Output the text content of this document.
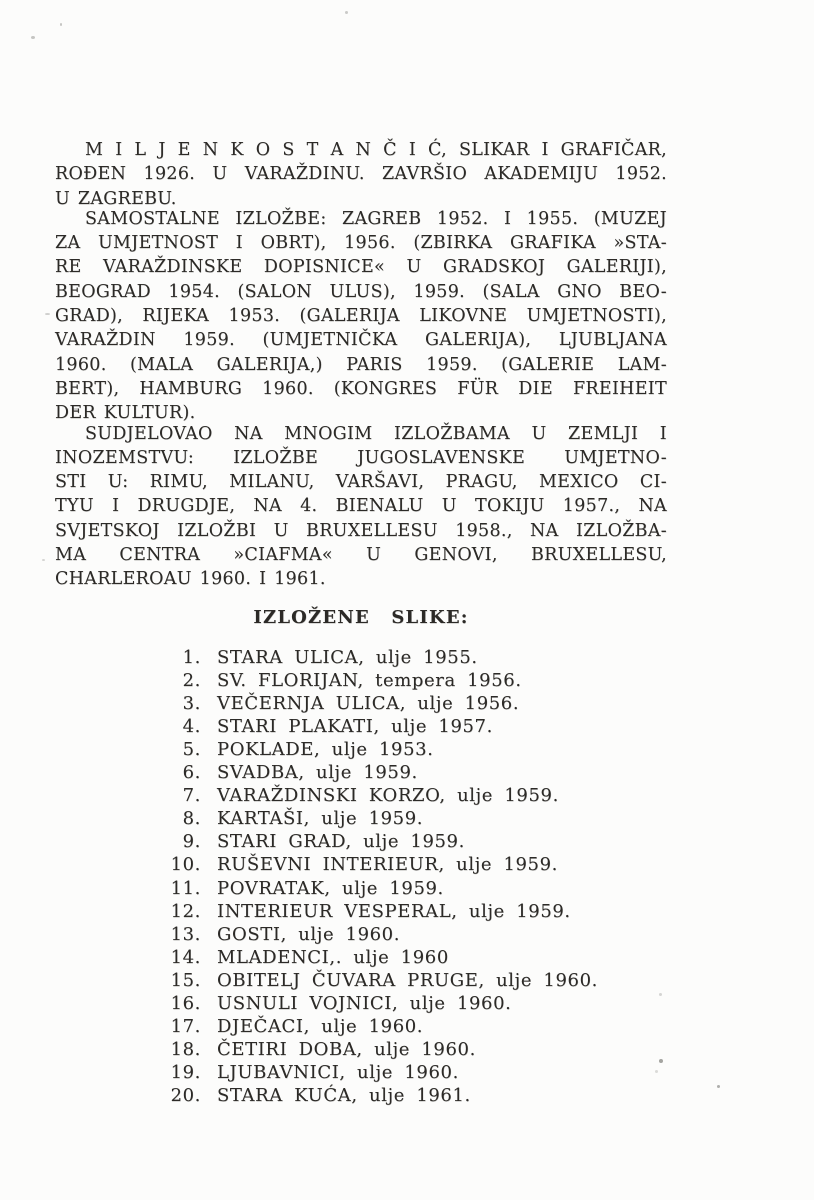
M I L J E N K O S T A N Č I Ć, SLIKAR I GRAFIČAR,
ROĐEN 1926. U VARAŽDINU. ZAVRŠIO AKADEMIJU 1952.
U ZAGREBU.
SAMOSTALNE IZLOŽBE: ZAGREB 1952. I 1955. (MUZEJ
ZA UMJETNOST I OBRT), 1956. (ZBIRKA GRAFIKA »STA-
RE VARAŽDINSKE DOPISNICE« U GRADSKOJ GALERIJI),
BEOGRAD 1954. (SALON ULUS), 1959. (SALA GNO BEO-
GRAD), RIJEKA 1953. (GALERIJA LIKOVNE UMJETNOSTI),
VARAŽDIN 1959. (UMJETNIČKA GALERIJA), LJUBLJANA
1960. (MALA GALERIJA,) PARIS 1959. (GALERIE LAM-
BERT), HAMBURG 1960. (KONGRES FÜR DIE FREIHEIT
DER KULTUR).
SUDJELOVAO NA MNOGIM IZLOŽBAMA U ZEMLJI I
INOZEMSTVU: IZLOŽBE JUGOSLAVENSKE UMJETNO-
STI U: RIMU, MILANU, VARŠAVI, PRAGU, MEXICO CI-
TYU I DRUGDJE, NA 4. BIENALU U TOKIJU 1957., NA
SVJETSKOJ IZLOŽBI U BRUXELLESU 1958., NA IZLOŽBA-
MA CENTRA »CIAFMA« U GENOVI, BRUXELLESU,
CHARLEROAU 1960. I 1961.
IZLOŽENE SLIKE:
1. STARA ULICA, ulje 1955.
2. SV. FLORIJAN, tempera 1956.
3. VEČERNJA ULICA, ulje 1956.
4. STARI PLAKATI, ulje 1957.
5. POKLADE, ulje 1953.
6. SVADBA, ulje 1959.
7. VARAŽDINSKI KORZO, ulje 1959.
8. KARTAŠI, ulje 1959.
9. STARI GRAD, ulje 1959.
10. RUŠEVNI INTERIEUR, ulje 1959.
11. POVRATAK, ulje 1959.
12. INTERIEUR VESPERAL, ulje 1959.
13. GOSTI, ulje 1960.
14. MLADENCI,. ulje 1960
15. OBITELJ ČUVARA PRUGE, ulje 1960.
16. USNULI VOJNICI, ulje 1960.
17. DJEČACI, ulje 1960.
18. ČETIRI DOBA, ulje 1960.
19. LJUBAVNICI, ulje 1960.
20. STARA KUĆA, ulje 1961.
